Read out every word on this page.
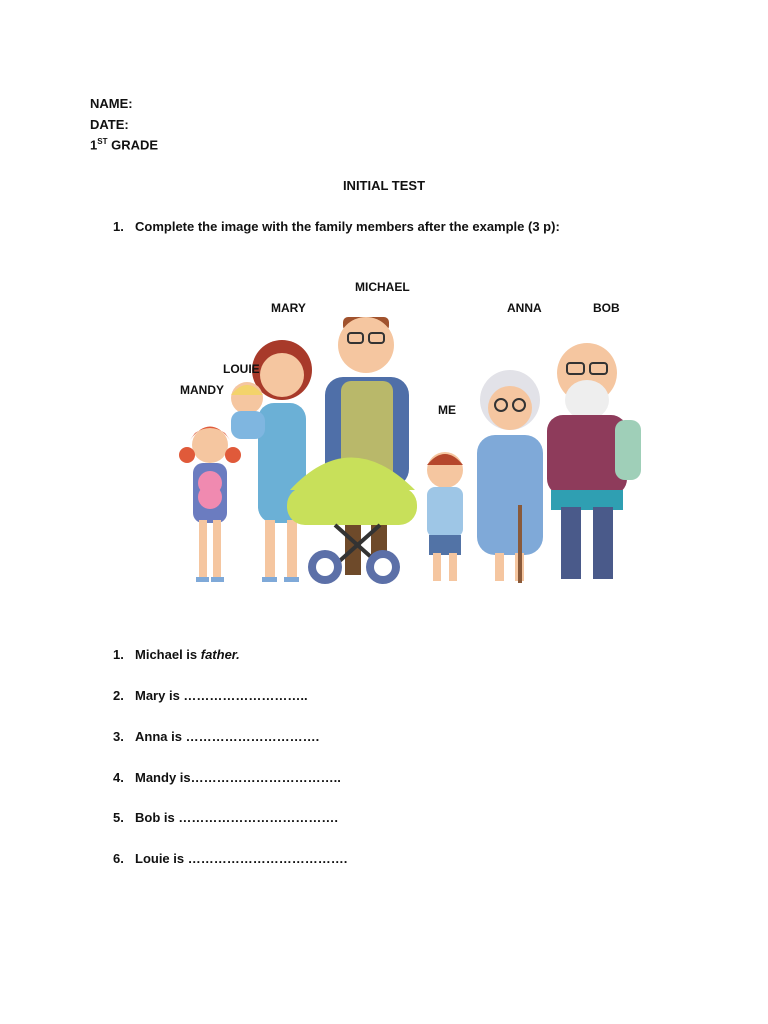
NAME:
DATE:
1ST GRADE
INITIAL TEST
1. Complete the image with the family members after the example (3 p):
MICHAEL
MARY	ANNA	BOB
LOUIE
MANDY
ME
1. Michael is father.
2. Mary is ………………………..
3. Anna is ………………………….
4. Mandy is……………………………..
5. Bob is ……………………………….
6. Louie is ……………………………….
